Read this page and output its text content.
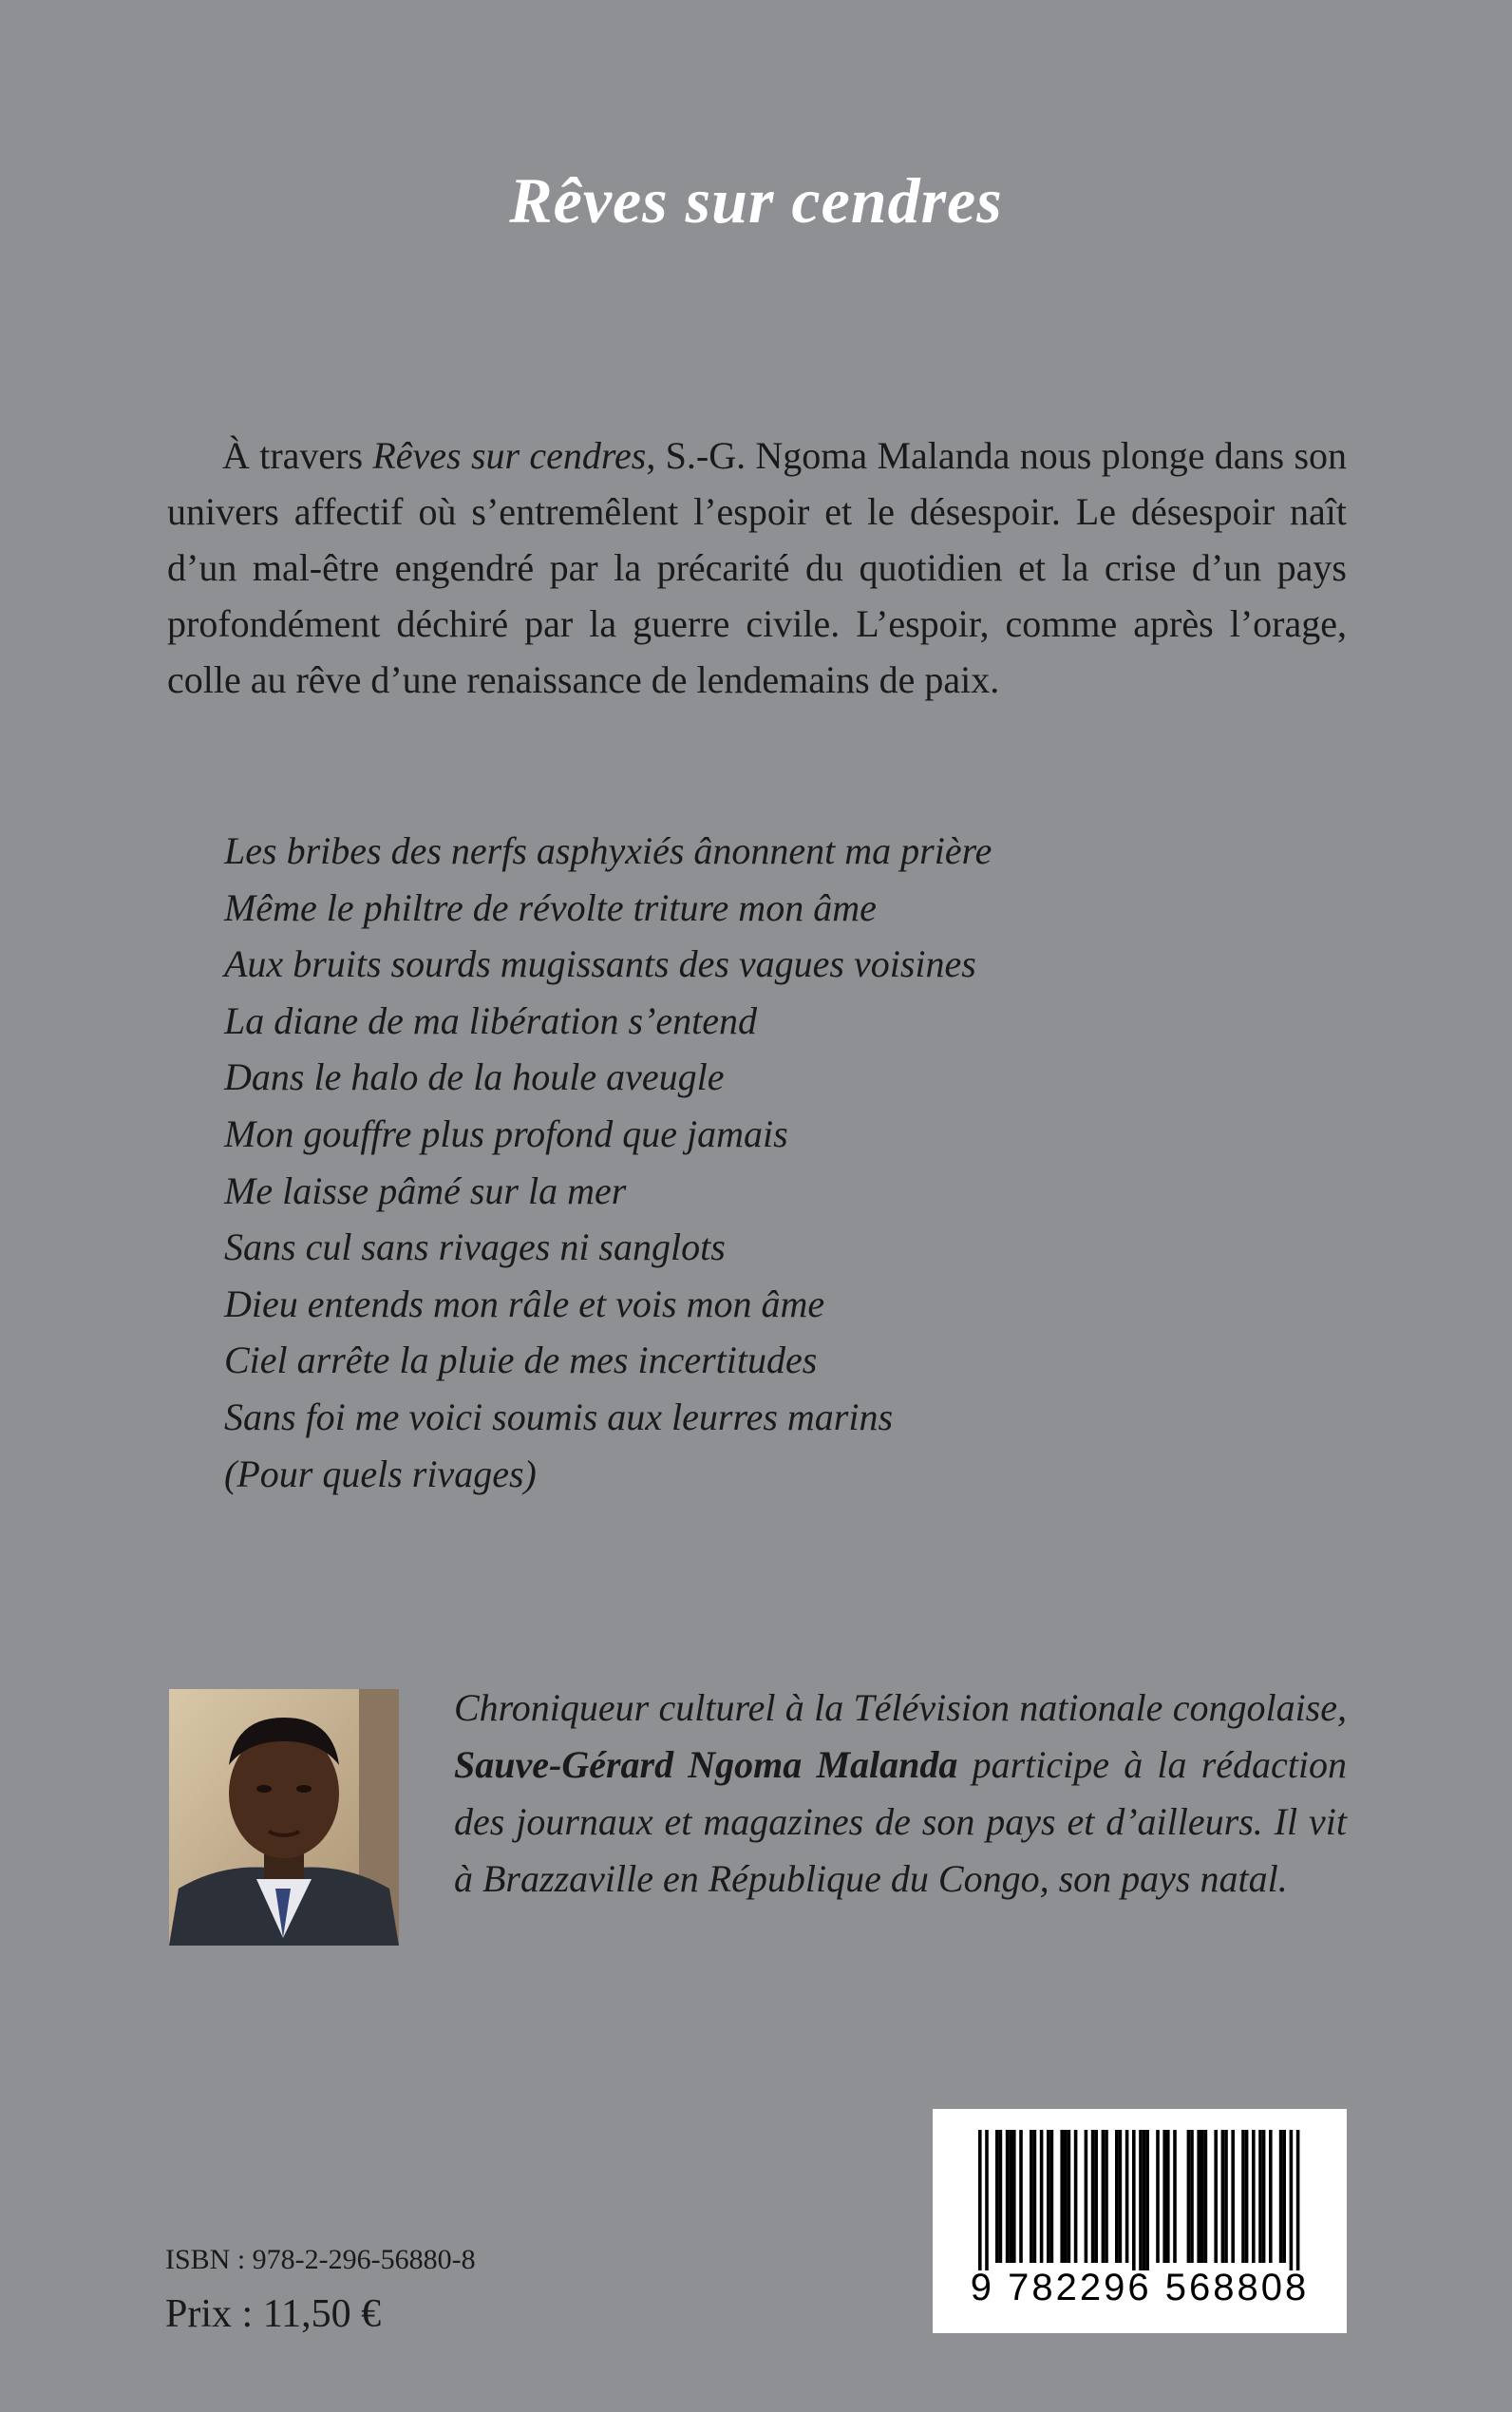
Rêves sur cendres

À travers Rêves sur cendres, S.-G. Ngoma Malanda nous plonge dans son univers affectif où s’entremêlent l’espoir et le désespoir. Le désespoir naît d’un mal-être engendré par la précarité du quotidien et la crise d’un pays profondément déchiré par la guerre civile. L’espoir, comme après l’orage, colle au rêve d’une renaissance de lendemains de paix.

Les bribes des nerfs asphyxiés ânonnent ma prière
Même le philtre de révolte triture mon âme
Aux bruits sourds mugissants des vagues voisines
La diane de ma libération s’entend
Dans le halo de la houle aveugle
Mon gouffre plus profond que jamais
Me laisse pâmé sur la mer
Sans cul sans rivages ni sanglots
Dieu entends mon râle et vois mon âme
Ciel arrête la pluie de mes incertitudes
Sans foi me voici soumis aux leurres marins
(Pour quels rivages)

Chroniqueur culturel à la Télévision nationale congolaise, Sauve-Gérard Ngoma Malanda participe à la rédaction des journaux et magazines de son pays et d’ailleurs. Il vit à Brazzaville en République du Congo, son pays natal.

ISBN : 978-2-296-56880-8
Prix : 11,50 €
9 782296 568808
